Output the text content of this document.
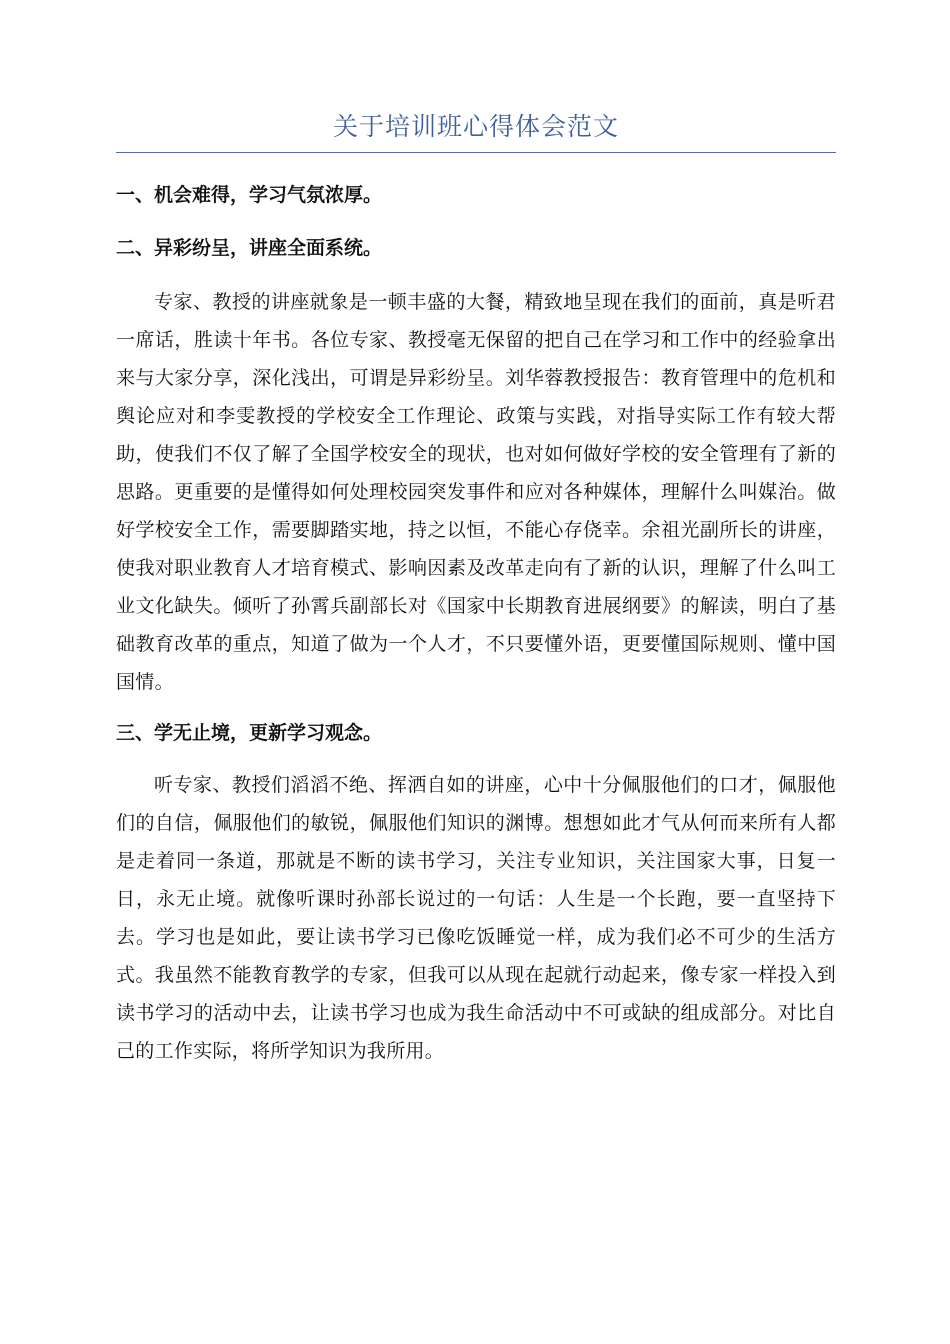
关于培训班心得体会范文

一、机会难得，学习气氛浓厚。

二、异彩纷呈，讲座全面系统。

专家、教授的讲座就象是一顿丰盛的大餐，精致地呈现在我们的面前，真是听君一席话，胜读十年书。各位专家、教授毫无保留的把自己在学习和工作中的经验拿出来与大家分享，深化浅出，可谓是异彩纷呈。刘华蓉教授报告：教育管理中的危机和舆论应对和李雯教授的学校安全工作理论、政策与实践，对指导实际工作有较大帮助，使我们不仅了解了全国学校安全的现状，也对如何做好学校的安全管理有了新的思路。更重要的是懂得如何处理校园突发事件和应对各种媒体，理解什么叫媒治。做好学校安全工作，需要脚踏实地，持之以恒，不能心存侥幸。余祖光副所长的讲座，使我对职业教育人才培育模式、影响因素及改革走向有了新的认识，理解了什么叫工业文化缺失。倾听了孙霄兵副部长对《国家中长期教育进展纲要》的解读，明白了基础教育改革的重点，知道了做为一个人才，不只要懂外语，更要懂国际规则、懂中国国情。

三、学无止境，更新学习观念。

听专家、教授们滔滔不绝、挥洒自如的讲座，心中十分佩服他们的口才，佩服他们的自信，佩服他们的敏锐，佩服他们知识的渊博。想想如此才气从何而来所有人都是走着同一条道，那就是不断的读书学习，关注专业知识，关注国家大事，日复一日，永无止境。就像听课时孙部长说过的一句话：人生是一个长跑，要一直坚持下去。学习也是如此，要让读书学习已像吃饭睡觉一样，成为我们必不可少的生活方式。我虽然不能教育教学的专家，但我可以从现在起就行动起来，像专家一样投入到读书学习的活动中去，让读书学习也成为我生命活动中不可或缺的组成部分。对比自己的工作实际，将所学知识为我所用。
